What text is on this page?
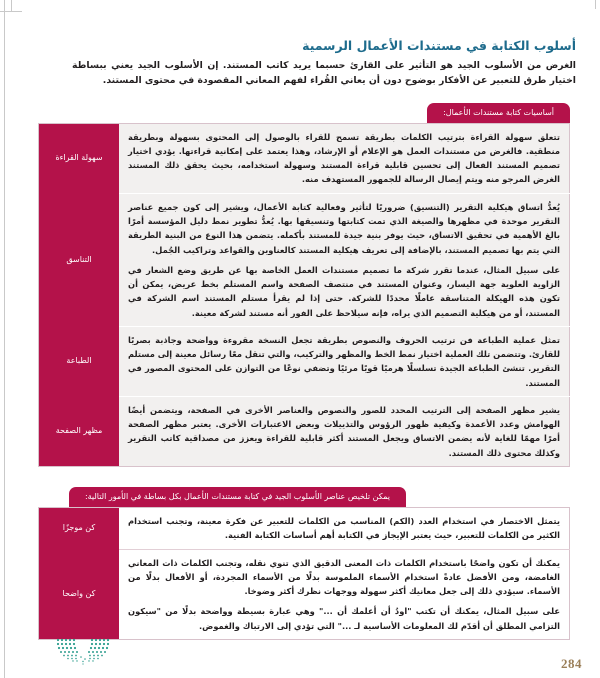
أسلوب الكتابة في مستندات الأعمال الرسمية

الغرض من الأسلوب الجيد هو التأثير على القارئ حسبما يريد كاتب المستند. إن الأسلوب الجيد يعني ببساطة اختيار طرق للتعبير عن الأفكار بوضوح دون أن يعاني القُراء لفهم المعاني المقصودة في محتوى المستند.

أساسيات كتابة مستندات الأعمال:

تتعلق سهولة القراءة بترتيب الكلمات بطريقة تسمح للقراء بالوصول إلى المحتوى بسهولة وبطريقة منطقية. فالغرض من مستندات العمل هو الإعلام أو الإرشاد، وهذا يعتمد على إمكانية قراءتها. يؤدي اختيار تصميم المستند الفعال إلى تحسين قابلية قراءة المستند وسهولة استخدامه، بحيث يحقق ذلك المستند الغرض المرجو منه ويتم إيصال الرسالة للجمهور المستهدف منه.	سهولة القراءة

يُعدُّ اتساق هيكلية التقرير (التنسيق) ضروريًا لتأثير وفعالية كتابة الأعمال، ويشير إلى كون جميع عناصر التقرير موحدة في مظهرها والصيغة الذي تمت كتابتها وتنسيقها بها. يُعدُّ تطوير نمط دليل المؤسسة أمرًا بالغ الأهمية في تحقيق الاتساق، حيث يوفر بنية جيدة للمستند بأكمله. يتضمن هذا النوع من البنية الطريقة التي يتم بها تصميم المستند، بالإضافة إلى تعريف هيكلية المستند كالعناوين والقواعد وتراكيب الجُمل.

على سبيل المثال، عندما تقرر شركة ما تصميم مستندات العمل الخاصة بها عن طريق وضع الشعار في الزاوية العلوية جهة اليسار، وعنوان المستند في منتصف الصفحة واسم المستلم بخط عريض، يمكن أن تكون هذه الهيكلة المتناسقة عاملًا محددًا للشركة. حتى إذا لم يقرأ مستلم المستند اسم الشركة في المستند، أو من هيكلية التصميم الذي يراه، فإنه سيلاحظ على الفور أنه مستند لشركة معينة.	التناسق

تمثل عملية الطباعة فن ترتيب الحروف والنصوص بطريقة تجعل النسخة مقروءة وواضحة وجاذبة بصريًا للقارئ. وتتضمن تلك العملية اختيار نمط الخط والمظهر والتركيب، والتي تنقل معًا رسائل معينة إلى مستلم التقرير. تنشئ الطباعة الجيدة تسلسلًا هرميًا قويًا مرئيًا وتضفي نوعًا من التوازن على المحتوى المصور في المستند.	الطباعة

يشير مظهر الصفحة إلى الترتيب المحدد للصور والنصوص والعناصر الأخرى في الصفحة، ويتضمن أيضًا الهوامش وعدد الأعمدة وكيفية ظهور الرؤوس والتذييلات وبعض الاعتبارات الأخرى. يعتبر مظهر الصفحة أمرًا مهمًا للغاية لأنه يضمن الاتساق ويجعل المستند أكثر قابلية للقراءة ويعزز من مصداقية كاتب التقرير وكذلك محتوى ذلك المستند.	مظهر الصفحة
يمكن تلخيص عناصر الأسلوب الجيد في كتابة مستندات الأعمال بكل بساطة في الأمور التالية:

يتمثل الاختصار في استخدام العدد (الكم) المناسب من الكلمات للتعبير عن فكرة معينة، وتجنب استخدام الكثير من الكلمات للتعبير، حيث يعتبر الإيجاز في الكتابة أهم أساسات الكتابة الفنية.	كن موجزًا

يمكنك أن تكون واضحًا باستخدام الكلمات ذات المعنى الدقيق الذي تنوي نقله، وتجنب الكلمات ذات المعاني الغامضة، ومن الأفضل عادةً استخدام الأسماء الملموسة بدلًا من الأسماء المجردة، أو الأفعال بدلًا من الأسماء. سيؤدي ذلك إلى جعل معانيك أكثر سهولة ووجهات نظرك أكثر وضوخا.

على سبيل المثال، يمكنك أن تكتب "اودُ أن أعلمك أن ..." وهي عبارة بسيطة وواضحة بدلًا من "سيكون التزامي المطلق أن أقدّم لك المعلومات الأساسية لـ ..." التي تؤدي إلى الارتباك والغموض.	كن واضحا
284
